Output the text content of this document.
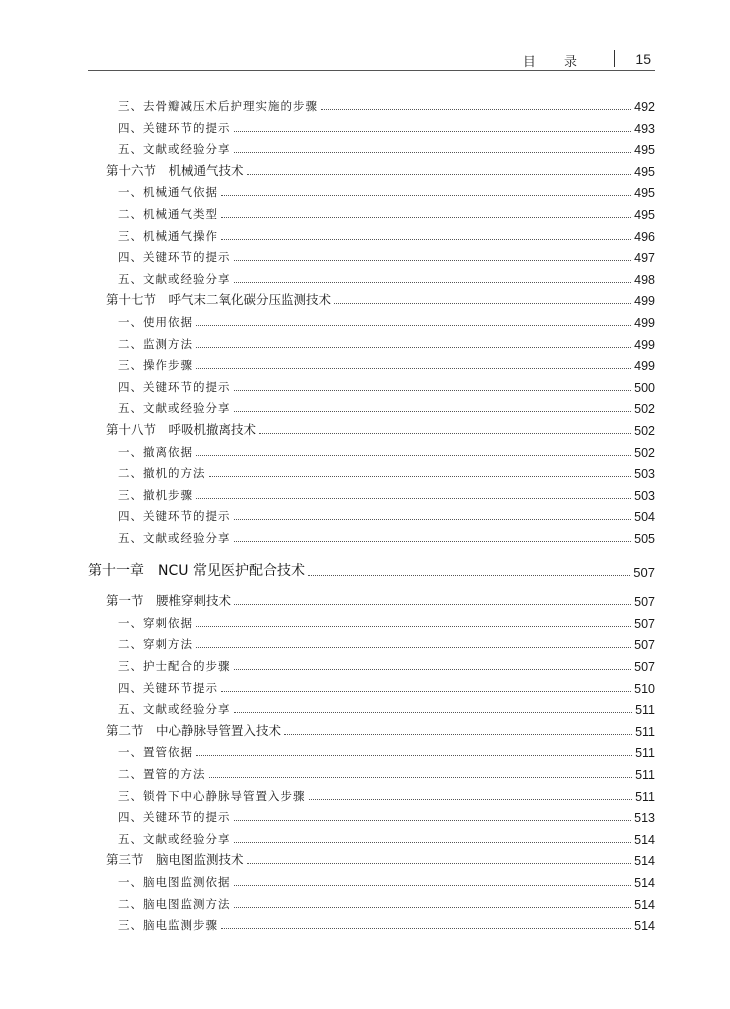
目 录	15
三、去骨瓣减压术后护理实施的步骤	492
四、关键环节的提示	493
五、文献或经验分享	495
第十六节　机械通气技术	495
一、机械通气依据	495
二、机械通气类型	495
三、机械通气操作	496
四、关键环节的提示	497
五、文献或经验分享	498
第十七节　呼气末二氧化碳分压监测技术	499
一、使用依据	499
二、监测方法	499
三、操作步骤	499
四、关键环节的提示	500
五、文献或经验分享	502
第十八节　呼吸机撤离技术	502
一、撤离依据	502
二、撤机的方法	503
三、撤机步骤	503
四、关键环节的提示	504
五、文献或经验分享	505
第十一章　NCU 常见医护配合技术	507
第一节　腰椎穿刺技术	507
一、穿刺依据	507
二、穿刺方法	507
三、护士配合的步骤	507
四、关键环节提示	510
五、文献或经验分享	511
第二节　中心静脉导管置入技术	511
一、置管依据	511
二、置管的方法	511
三、锁骨下中心静脉导管置入步骤	511
四、关键环节的提示	513
五、文献或经验分享	514
第三节　脑电图监测技术	514
一、脑电图监测依据	514
二、脑电图监测方法	514
三、脑电监测步骤	514
